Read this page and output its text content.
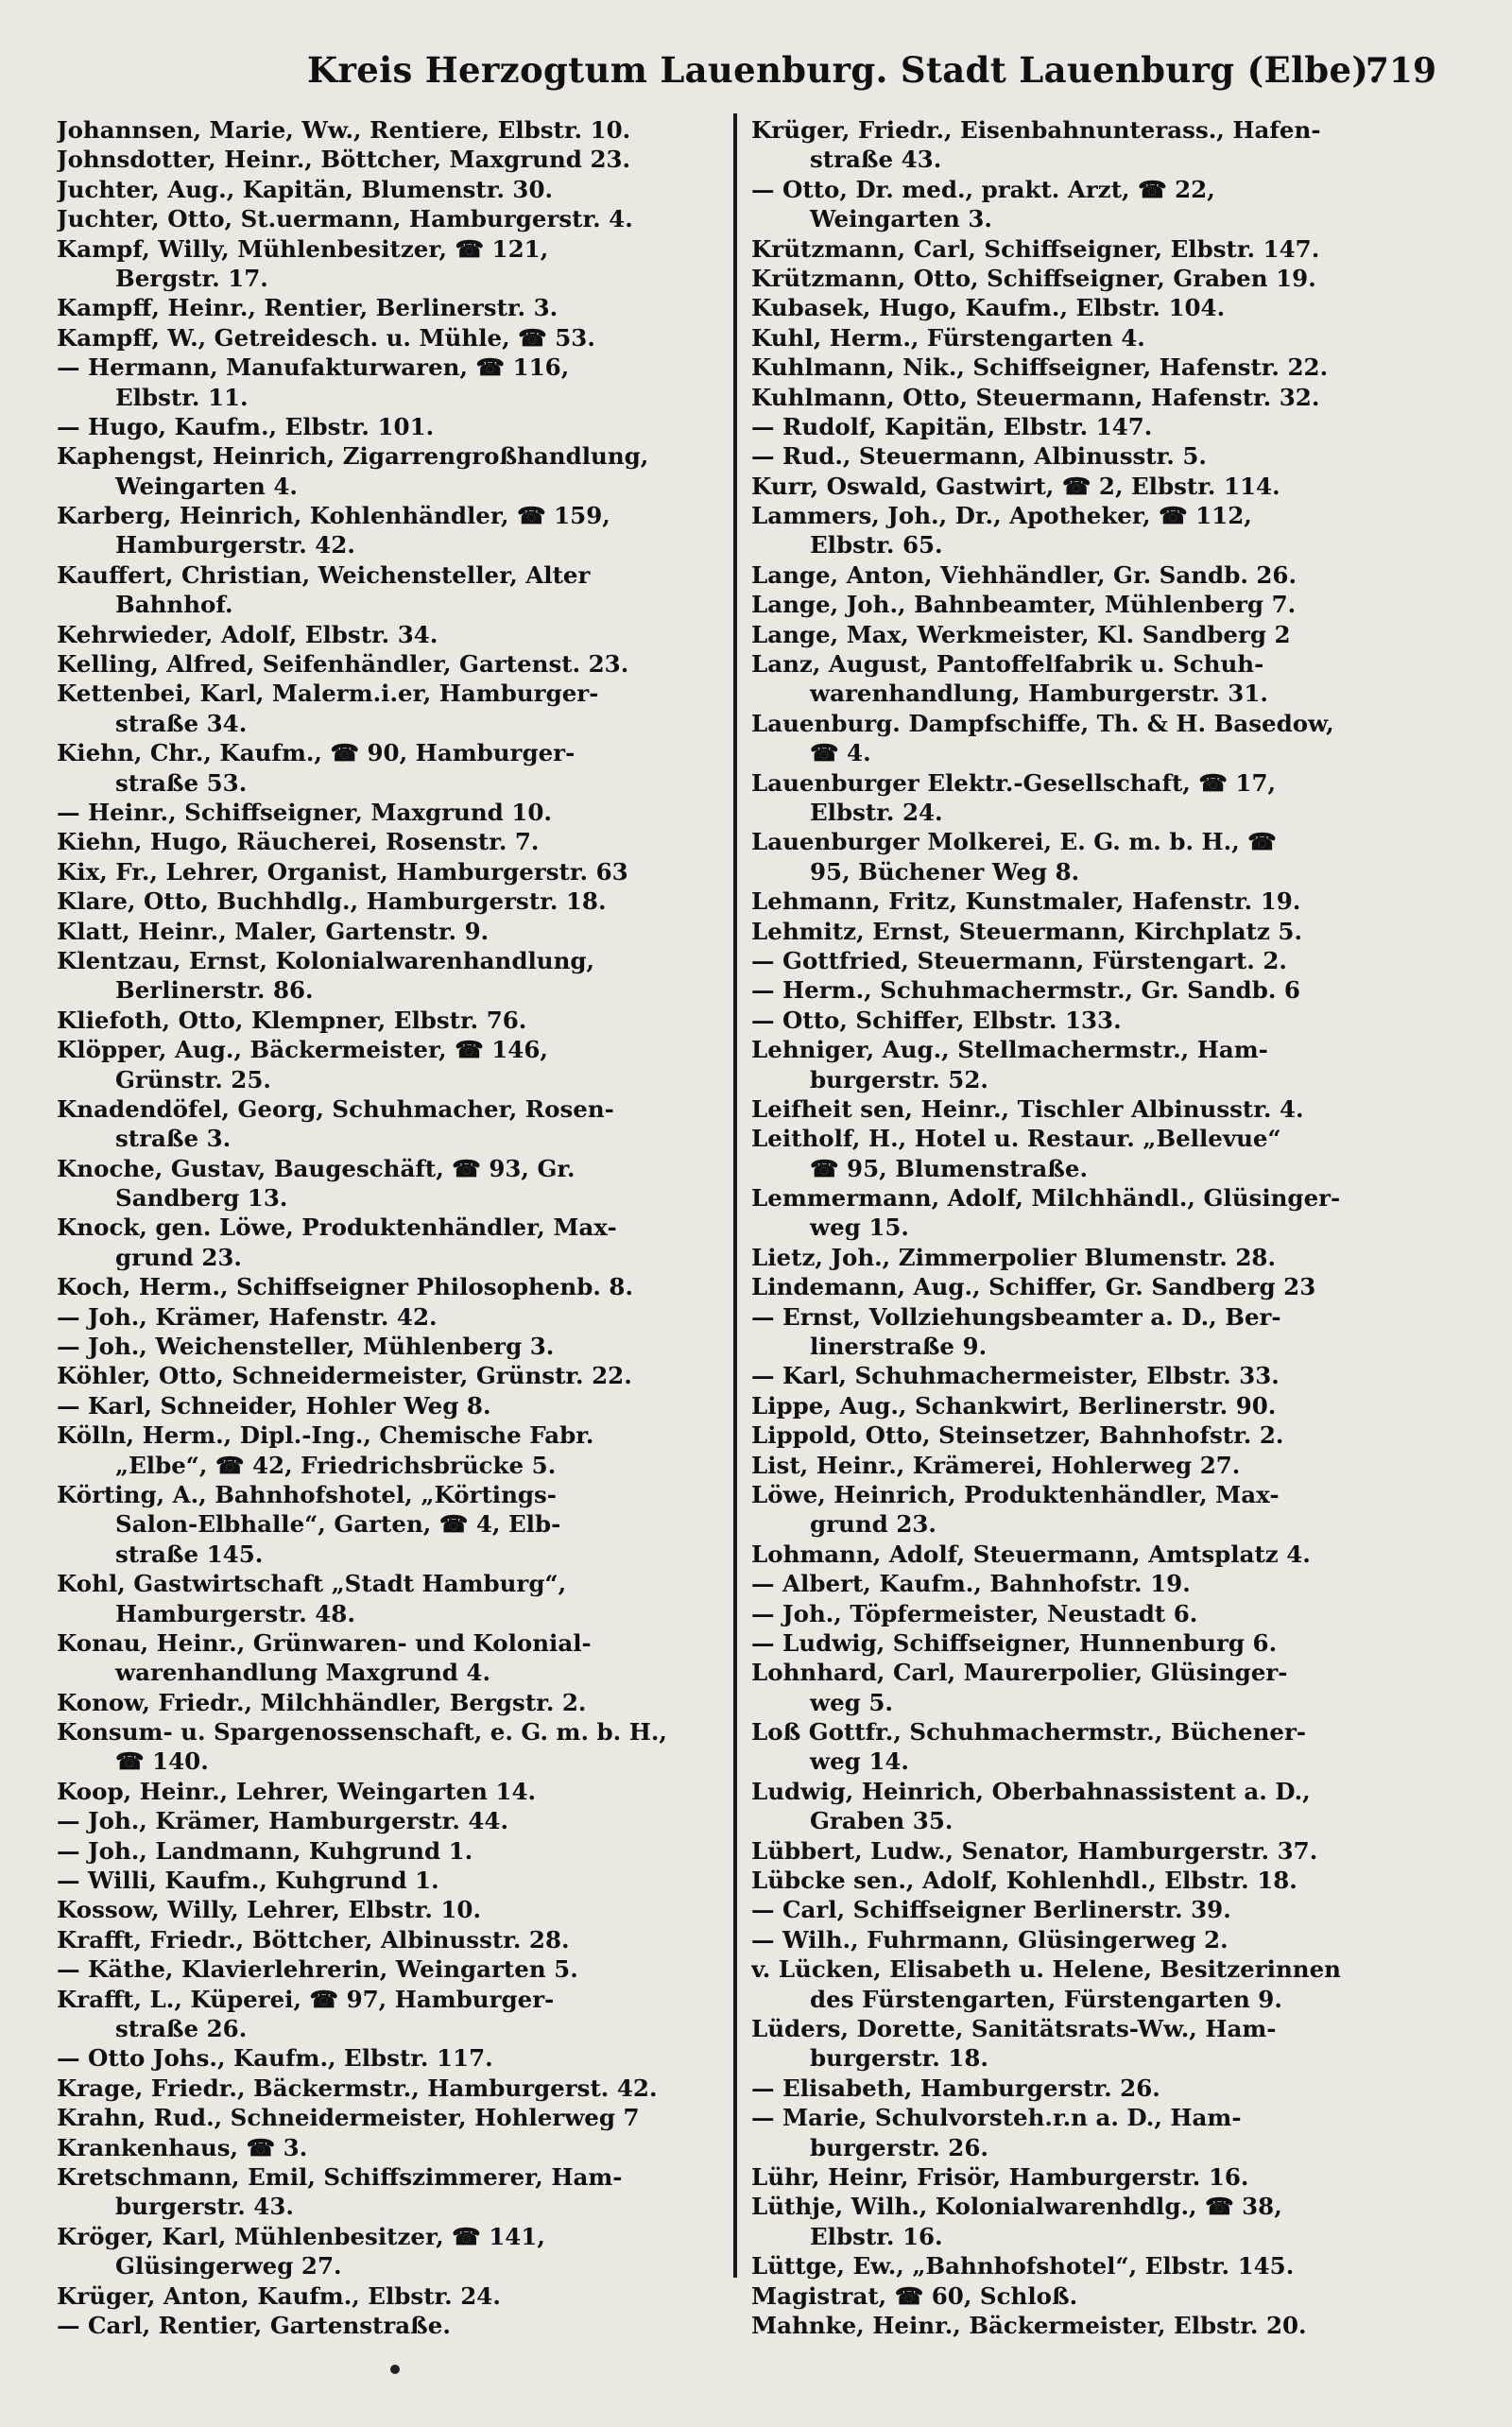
Kreis Herzogtum Lauenburg. Stadt Lauenburg (Elbe).
719
Johannsen, Marie, Ww., Rentiere, Elbstr. 10.
Johnsdotter, Heinr., Böttcher, Maxgrund 23.
Juchter, Aug., Kapitän, Blumenstr. 30.
Juchter, Otto, St.uermann, Hamburgerstr. 4.
Kampf, Willy, Mühlenbesitzer, ☎ 121,
Bergstr. 17.
Kampff, Heinr., Rentier, Berlinerstr. 3.
Kampff, W., Getreidesch. u. Mühle, ☎ 53.
— Hermann, Manufakturwaren, ☎ 116,
Elbstr. 11.
— Hugo, Kaufm., Elbstr. 101.
Kaphengst, Heinrich, Zigarrengroßhandlung,
Weingarten 4.
Karberg, Heinrich, Kohlenhändler, ☎ 159,
Hamburgerstr. 42.
Kauffert, Christian, Weichensteller, Alter
Bahnhof.
Kehrwieder, Adolf, Elbstr. 34.
Kelling, Alfred, Seifenhändler, Gartenst. 23.
Kettenbei, Karl, Malerm.i.er, Hamburger-
straße 34.
Kiehn, Chr., Kaufm., ☎ 90, Hamburger-
straße 53.
— Heinr., Schiffseigner, Maxgrund 10.
Kiehn, Hugo, Räucherei, Rosenstr. 7.
Kix, Fr., Lehrer, Organist, Hamburgerstr. 63
Klare, Otto, Buchhdlg., Hamburgerstr. 18.
Klatt, Heinr., Maler, Gartenstr. 9.
Klentzau, Ernst, Kolonialwarenhandlung,
Berlinerstr. 86.
Kliefoth, Otto, Klempner, Elbstr. 76.
Klöpper, Aug., Bäckermeister, ☎ 146,
Grünstr. 25.
Knadendöfel, Georg, Schuhmacher, Rosen-
straße 3.
Knoche, Gustav, Baugeschäft, ☎ 93, Gr.
Sandberg 13.
Knock, gen. Löwe, Produktenhändler, Max-
grund 23.
Koch, Herm., Schiffseigner Philosophenb. 8.
— Joh., Krämer, Hafenstr. 42.
— Joh., Weichensteller, Mühlenberg 3.
Köhler, Otto, Schneidermeister, Grünstr. 22.
— Karl, Schneider, Hohler Weg 8.
Kölln, Herm., Dipl.-Ing., Chemische Fabr.
„Elbe“, ☎ 42, Friedrichsbrücke 5.
Körting, A., Bahnhofshotel, „Körtings-
Salon-Elbhalle“, Garten, ☎ 4, Elb-
straße 145.
Kohl, Gastwirtschaft „Stadt Hamburg“,
Hamburgerstr. 48.
Konau, Heinr., Grünwaren- und Kolonial-
warenhandlung Maxgrund 4.
Konow, Friedr., Milchhändler, Bergstr. 2.
Konsum- u. Spargenossenschaft, e. G. m. b. H.,
☎ 140.
Koop, Heinr., Lehrer, Weingarten 14.
— Joh., Krämer, Hamburgerstr. 44.
— Joh., Landmann, Kuhgrund 1.
— Willi, Kaufm., Kuhgrund 1.
Kossow, Willy, Lehrer, Elbstr. 10.
Krafft, Friedr., Böttcher, Albinusstr. 28.
— Käthe, Klavierlehrerin, Weingarten 5.
Krafft, L., Küperei, ☎ 97, Hamburger-
straße 26.
— Otto Johs., Kaufm., Elbstr. 117.
Krage, Friedr., Bäckermstr., Hamburgerst. 42.
Krahn, Rud., Schneidermeister, Hohlerweg 7
Krankenhaus, ☎ 3.
Kretschmann, Emil, Schiffszimmerer, Ham-
burgerstr. 43.
Kröger, Karl, Mühlenbesitzer, ☎ 141,
Glüsingerweg 27.
Krüger, Anton, Kaufm., Elbstr. 24.
— Carl, Rentier, Gartenstraße.
Krüger, Friedr., Eisenbahnunterass., Hafen-
straße 43.
— Otto, Dr. med., prakt. Arzt, ☎ 22,
Weingarten 3.
Krützmann, Carl, Schiffseigner, Elbstr. 147.
Krützmann, Otto, Schiffseigner, Graben 19.
Kubasek, Hugo, Kaufm., Elbstr. 104.
Kuhl, Herm., Fürstengarten 4.
Kuhlmann, Nik., Schiffseigner, Hafenstr. 22.
Kuhlmann, Otto, Steuermann, Hafenstr. 32.
— Rudolf, Kapitän, Elbstr. 147.
— Rud., Steuermann, Albinusstr. 5.
Kurr, Oswald, Gastwirt, ☎ 2, Elbstr. 114.
Lammers, Joh., Dr., Apotheker, ☎ 112,
Elbstr. 65.
Lange, Anton, Viehhändler, Gr. Sandb. 26.
Lange, Joh., Bahnbeamter, Mühlenberg 7.
Lange, Max, Werkmeister, Kl. Sandberg 2
Lanz, August, Pantoffelfabrik u. Schuh-
warenhandlung, Hamburgerstr. 31.
Lauenburg. Dampfschiffe, Th. & H. Basedow,
☎ 4.
Lauenburger Elektr.-Gesellschaft, ☎ 17,
Elbstr. 24.
Lauenburger Molkerei, E. G. m. b. H., ☎
95, Büchener Weg 8.
Lehmann, Fritz, Kunstmaler, Hafenstr. 19.
Lehmitz, Ernst, Steuermann, Kirchplatz 5.
— Gottfried, Steuermann, Fürstengart. 2.
— Herm., Schuhmachermstr., Gr. Sandb. 6
— Otto, Schiffer, Elbstr. 133.
Lehniger, Aug., Stellmachermstr., Ham-
burgerstr. 52.
Leifheit sen, Heinr., Tischler Albinusstr. 4.
Leitholf, H., Hotel u. Restaur. „Bellevue“
☎ 95, Blumenstraße.
Lemmermann, Adolf, Milchhändl., Glüsinger-
weg 15.
Lietz, Joh., Zimmerpolier Blumenstr. 28.
Lindemann, Aug., Schiffer, Gr. Sandberg 23
— Ernst, Vollziehungsbeamter a. D., Ber-
linerstraße 9.
— Karl, Schuhmachermeister, Elbstr. 33.
Lippe, Aug., Schankwirt, Berlinerstr. 90.
Lippold, Otto, Steinsetzer, Bahnhofstr. 2.
List, Heinr., Krämerei, Hohlerweg 27.
Löwe, Heinrich, Produktenhändler, Max-
grund 23.
Lohmann, Adolf, Steuermann, Amtsplatz 4.
— Albert, Kaufm., Bahnhofstr. 19.
— Joh., Töpfermeister, Neustadt 6.
— Ludwig, Schiffseigner, Hunnenburg 6.
Lohnhard, Carl, Maurerpolier, Glüsinger-
weg 5.
Loß Gottfr., Schuhmachermstr., Büchener-
weg 14.
Ludwig, Heinrich, Oberbahnassistent a. D.,
Graben 35.
Lübbert, Ludw., Senator, Hamburgerstr. 37.
Lübcke sen., Adolf, Kohlenhdl., Elbstr. 18.
— Carl, Schiffseigner Berlinerstr. 39.
— Wilh., Fuhrmann, Glüsingerweg 2.
v. Lücken, Elisabeth u. Helene, Besitzerinnen
des Fürstengarten, Fürstengarten 9.
Lüders, Dorette, Sanitätsrats-Ww., Ham-
burgerstr. 18.
— Elisabeth, Hamburgerstr. 26.
— Marie, Schulvorsteh.r.n a. D., Ham-
burgerstr. 26.
Lühr, Heinr, Frisör, Hamburgerstr. 16.
Lüthje, Wilh., Kolonialwarenhdlg., ☎ 38,
Elbstr. 16.
Lüttge, Ew., „Bahnhofshotel“, Elbstr. 145.
Magistrat, ☎ 60, Schloß.
Mahnke, Heinr., Bäckermeister, Elbstr. 20.
